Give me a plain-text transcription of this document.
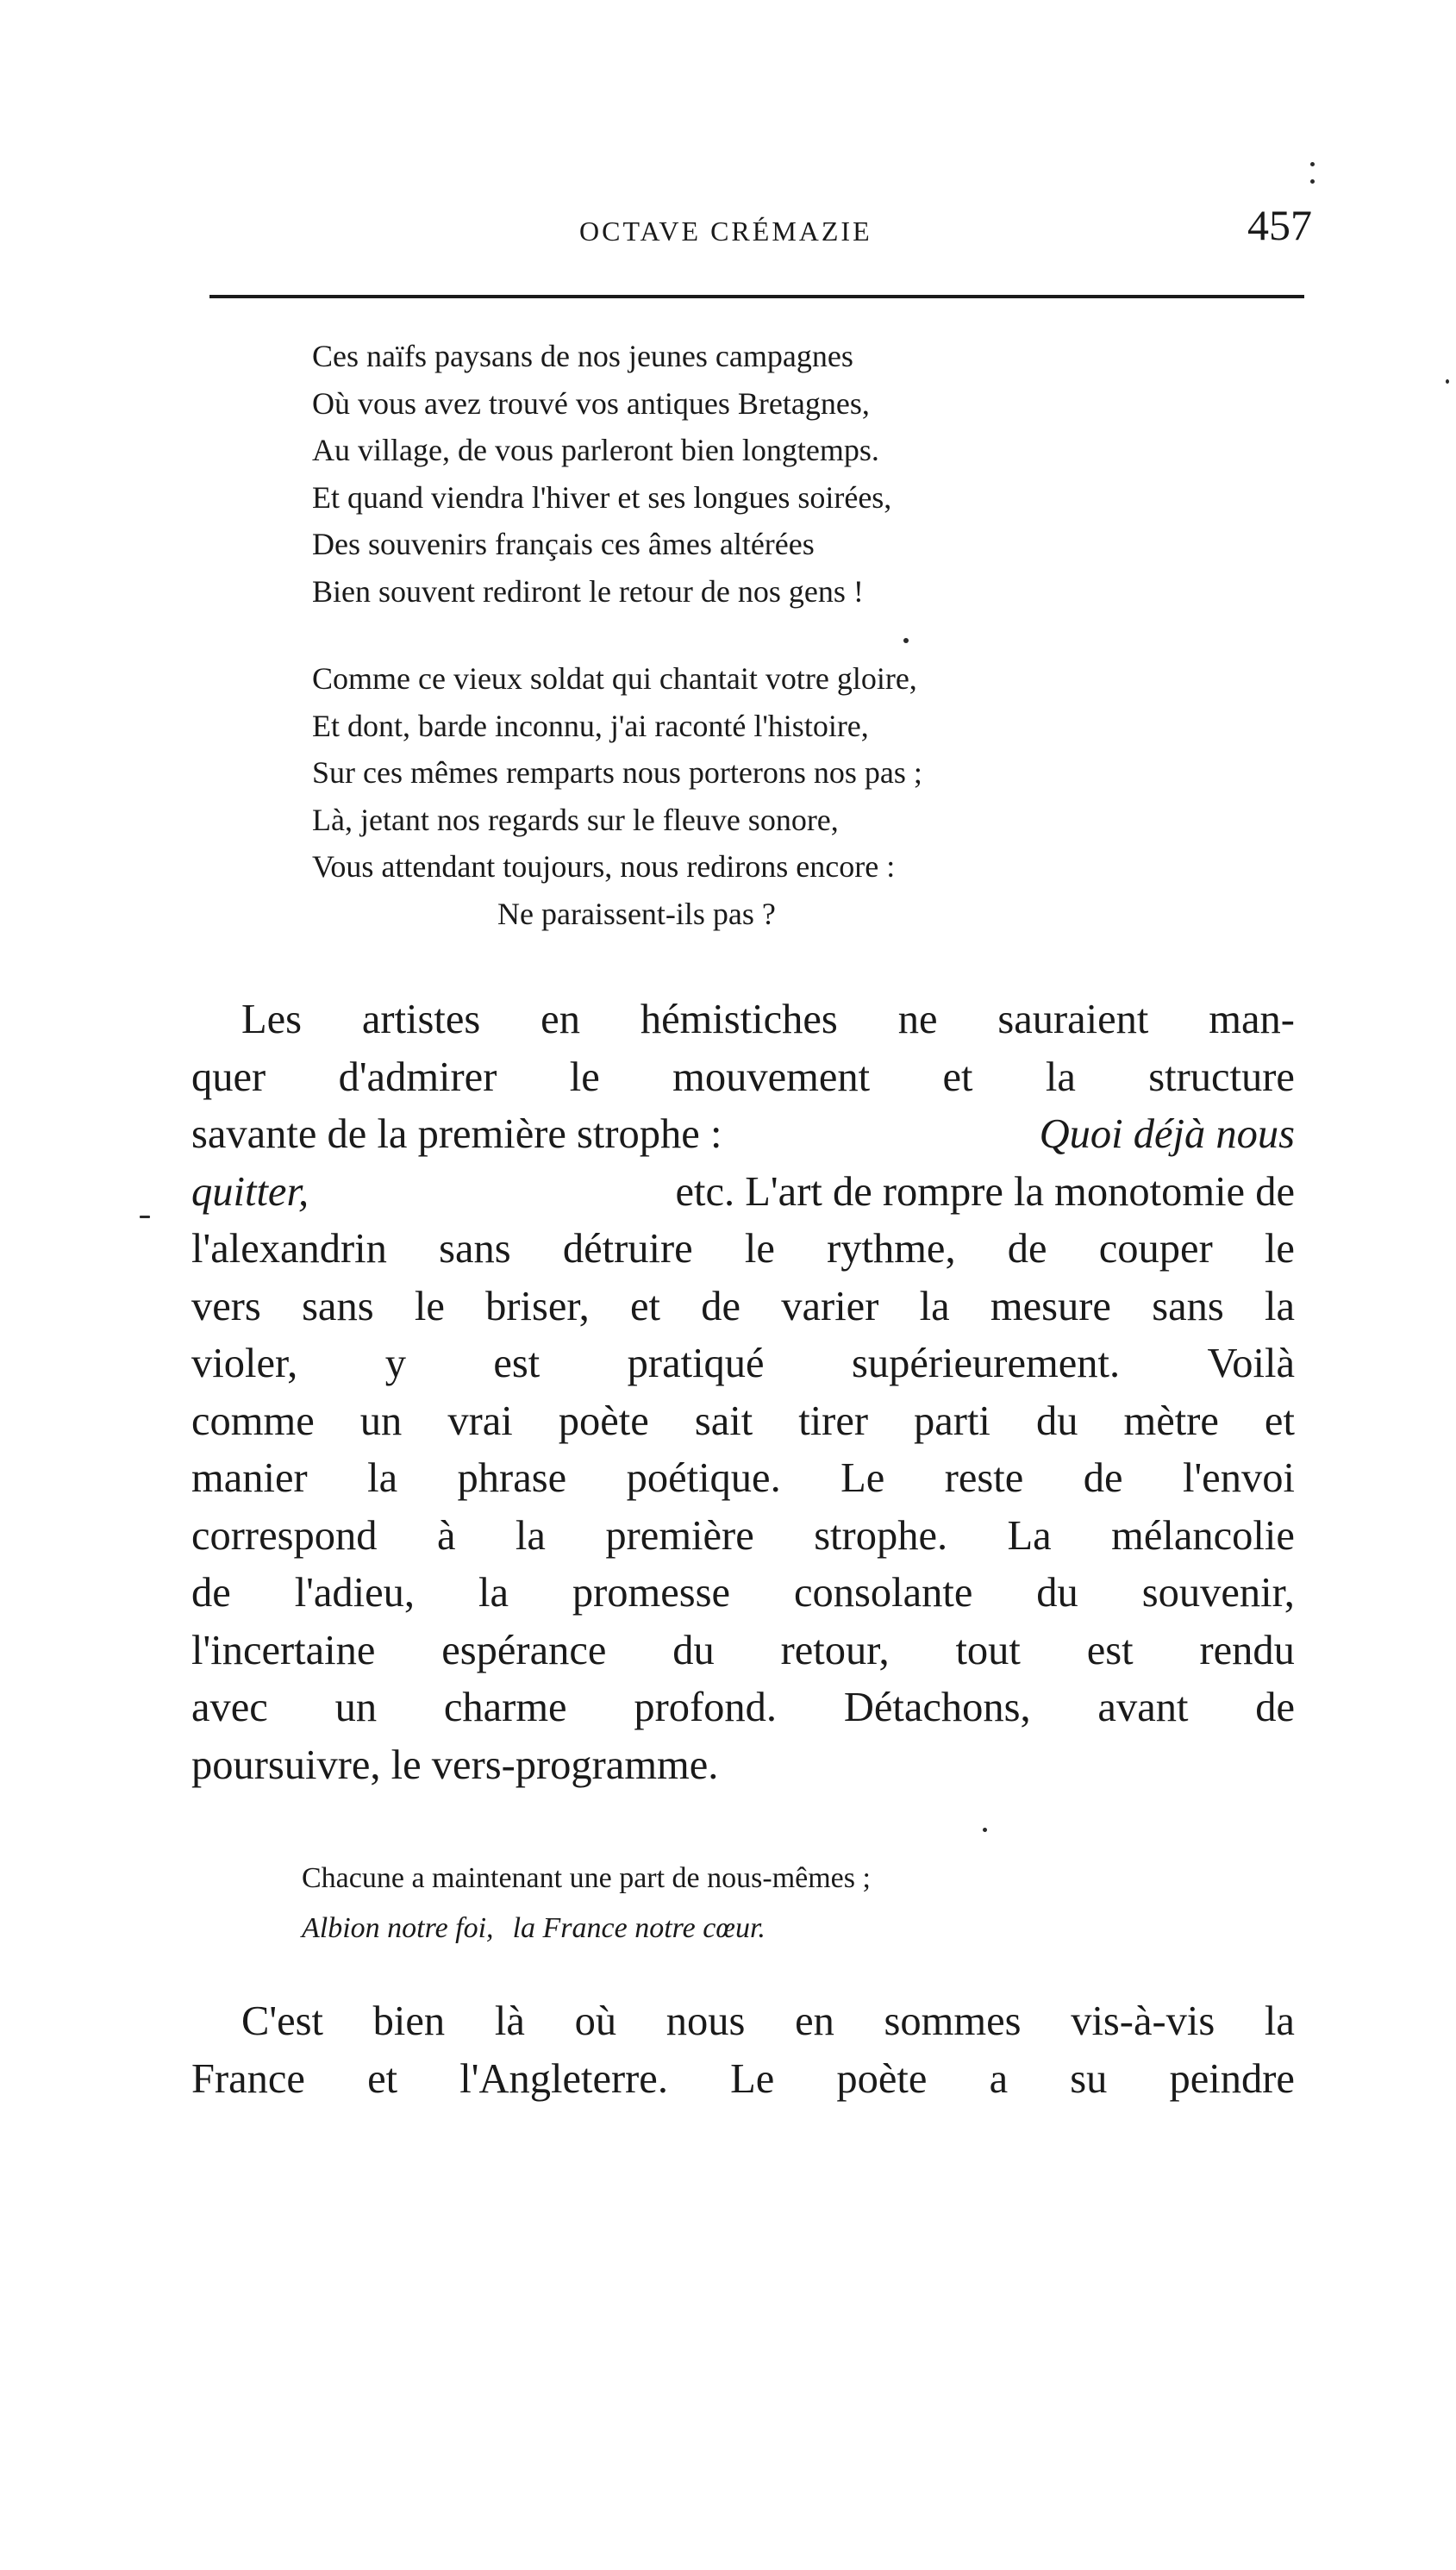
OCTAVE CRÉMAZIE	457
Ces naïfs paysans de nos jeunes campagnes
Où vous avez trouvé vos antiques Bretagnes,
Au village, de vous parleront bien longtemps.
Et quand viendra l'hiver et ses longues soirées,
Des souvenirs français ces âmes altérées
Bien souvent rediront le retour de nos gens !
Comme ce vieux soldat qui chantait votre gloire,
Et dont, barde inconnu, j'ai raconté l'histoire,
Sur ces mêmes remparts nous porterons nos pas ;
Là, jetant nos regards sur le fleuve sonore,
Vous attendant toujours, nous redirons encore :
Ne paraissent-ils pas ?
Les artistes en hémistiches ne sauraient man-
quer d'admirer le mouvement et la structure
savante de la première strophe :	Quoi déjà nous
quitter,	etc. L'art de rompre la monotomie de
l'alexandrin sans détruire le rythme, de couper le
vers sans le briser, et de varier la mesure sans la
violer, y est pratiqué supérieurement. Voilà
comme un vrai poète sait tirer parti du mètre et
manier la phrase poétique. Le reste de l'envoi
correspond à la première strophe. La mélancolie
de l'adieu, la promesse consolante du souvenir,
l'incertaine espérance du retour, tout est rendu
avec un charme profond. Détachons, avant de
poursuivre, le vers-programme.
Chacune a maintenant une part de nous-mêmes ;
Albion notre foi, la France notre cœur.
C'est bien là où nous en sommes vis-à-vis la
France et l'Angleterre. Le poète a su peindre
